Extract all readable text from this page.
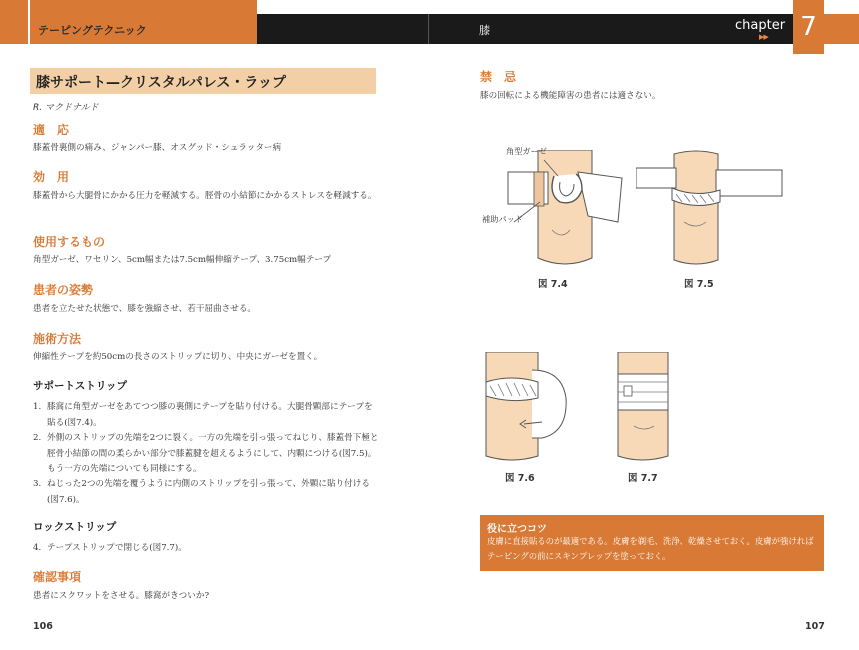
テーピングテクニック	膝	chapter
▶▶ 7
膝サポート—クリスタルパレス・ラップ
R. マクドナルド
適　応
膝蓋骨裏側の痛み、ジャンパー膝、オスグッド・シュラッター病
効　用
膝蓋骨から大腿骨にかかる圧力を軽減する。脛骨の小結節にかかるストレスを軽減する。
使用するもの
角型ガーゼ、ワセリン、5cm幅または7.5cm幅伸縮テープ、3.75cm幅テープ
患者の姿勢
患者を立たせた状態で、膝を強縮させ、若干屈曲させる。
施術方法
伸縮性テープを約50cmの長さのストリップに切り、中央にガーゼを置く。
サポートストリップ
1. 膝窩に角型ガーゼをあてつつ膝の裏側にテープを貼り付ける。大腿骨顆部にテープを貼る(図7.4)。
2. 外側のストリップの先端を2つに裂く。一方の先端を引っ張ってねじり、膝蓋骨下極と脛骨小結節の間の柔らかい部分で膝蓋腱を超えるようにして、内顆につける(図7.5)。もう一方の先端についても同様にする。
3. ねじった2つの先端を覆うように内側のストリップを引っ張って、外顆に貼り付ける(図7.6)。
ロックストリップ
4. テープストリップで閉じる(図7.7)。
確認事項
患者にスクワットをさせる。膝窩がきついか?
106
禁　忌
膝の回転による機能障害の患者には適さない。
角型ガーゼ
補助パッド
図 7.4	図 7.5
図 7.6	図 7.7
役に立つコツ
皮膚に直接貼るのが最適である。皮膚を剃毛、洗浄、乾燥させておく。皮膚が強ければテーピングの前にスキンプレップを塗っておく。
107
